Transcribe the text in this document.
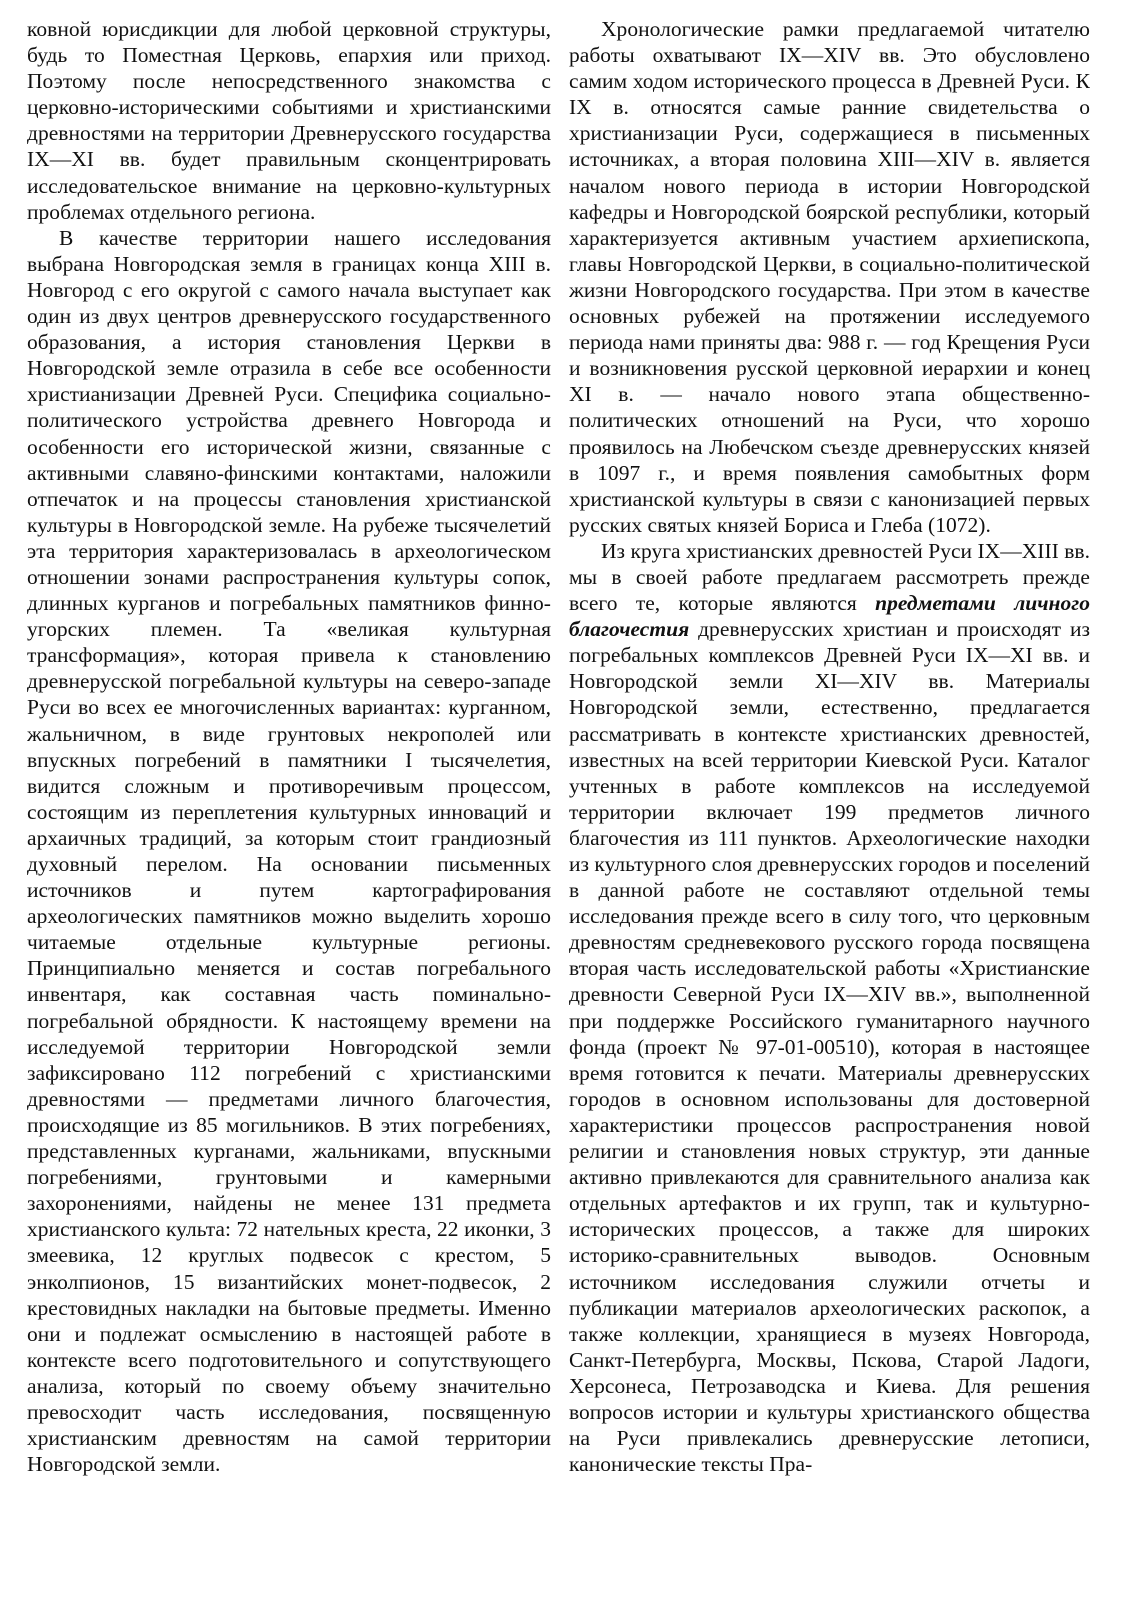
ковной юрисдикции для любой церковной структуры, будь то Поместная Церковь, епархия или приход. Поэтому после непосредственного знакомства с церковно-историческими событиями и христианскими древностями на территории Древнерусского государства IX—XI вв. будет правильным сконцентрировать исследовательское внимание на церковно-культурных проблемах отдельного региона.

В качестве территории нашего исследования выбрана Новгородская земля в границах конца XIII в. Новгород с его округой с самого начала выступает как один из двух центров древнерусского государственного образования, а история становления Церкви в Новгородской земле отразила в себе все особенности христианизации Древней Руси. Специфика социально-политического устройства древнего Новгорода и особенности его исторической жизни, связанные с активными славяно-финскими контактами, наложили отпечаток и на процессы становления христианской культуры в Новгородской земле. На рубеже тысячелетий эта территория характеризовалась в археологическом отношении зонами распространения культуры сопок, длинных курганов и погребальных памятников финно-угорских племен. Та «великая культурная трансформация», которая привела к становлению древнерусской погребальной культуры на северо-западе Руси во всех ее многочисленных вариантах: курганном, жальничном, в виде грунтовых некрополей или впускных погребений в памятники I тысячелетия, видится сложным и противоречивым процессом, состоящим из переплетения культурных инноваций и архаичных традиций, за которым стоит грандиозный духовный перелом. На основании письменных источников и путем картографирования археологических памятников можно выделить хорошо читаемые отдельные культурные регионы. Принципиально меняется и состав погребального инвентаря, как составная часть поминально-погребальной обрядности. К настоящему времени на исследуемой территории Новгородской земли зафиксировано 112 погребений с христианскими древностями — предметами личного благочестия, происходящие из 85 могильников. В этих погребениях, представленных курганами, жальниками, впускными погребениями, грунтовыми и камерными захоронениями, найдены не менее 131 предмета христианского культа: 72 нательных креста, 22 иконки, 3 змеевика, 12 круглых подвесок с крестом, 5 энколпионов, 15 византийских монет-подвесок, 2 крестовидных накладки на бытовые предметы. Именно они и подлежат осмыслению в настоящей работе в контексте всего подготовительного и сопутствующего анализа, который по своему объему значительно превосходит часть исследования, посвященную христианским древностям на самой территории Новгородской земли.

Хронологические рамки предлагаемой читателю работы охватывают IX—XIV вв. Это обусловлено самим ходом исторического процесса в Древней Руси. К IX в. относятся самые ранние свидетельства о христианизации Руси, содержащиеся в письменных источниках, а вторая половина XIII—XIV в. является началом нового периода в истории Новгородской кафедры и Новгородской боярской республики, который характеризуется активным участием архиепископа, главы Новгородской Церкви, в социально-политической жизни Новгородского государства. При этом в качестве основных рубежей на протяжении исследуемого периода нами приняты два: 988 г. — год Крещения Руси и возникновения русской церковной иерархии и конец XI в. — начало нового этапа общественно-политических отношений на Руси, что хорошо проявилось на Любечском съезде древнерусских князей в 1097 г., и время появления самобытных форм христианской культуры в связи с канонизацией первых русских святых князей Бориса и Глеба (1072).

Из круга христианских древностей Руси IX—XIII вв. мы в своей работе предлагаем рассмотреть прежде всего те, которые являются предметами личного благочестия древнерусских христиан и происходят из погребальных комплексов Древней Руси IX—XI вв. и Новгородской земли XI—XIV вв. Материалы Новгородской земли, естественно, предлагается рассматривать в контексте христианских древностей, известных на всей территории Киевской Руси. Каталог учтенных в работе комплексов на исследуемой территории включает 199 предметов личного благочестия из 111 пунктов. Археологические находки из культурного слоя древнерусских городов и поселений в данной работе не составляют отдельной темы исследования прежде всего в силу того, что церковным древностям средневекового русского города посвящена вторая часть исследовательской работы «Христианские древности Северной Руси IX—XIV вв.», выполненной при поддержке Российского гуманитарного научного фонда (проект № 97-01-00510), которая в настоящее время готовится к печати. Материалы древнерусских городов в основном использованы для достоверной характеристики процессов распространения новой религии и становления новых структур, эти данные активно привлекаются для сравнительного анализа как отдельных артефактов и их групп, так и культурно-исторических процессов, а также для широких историко-сравнительных выводов. Основным источником исследования служили отчеты и публикации материалов археологических раскопок, а также коллекции, хранящиеся в музеях Новгорода, Санкт-Петербурга, Москвы, Пскова, Старой Ладоги, Херсонеса, Петрозаводска и Киева. Для решения вопросов истории и культуры христианского общества на Руси привлекались древнерусские летописи, канонические тексты Пра-
